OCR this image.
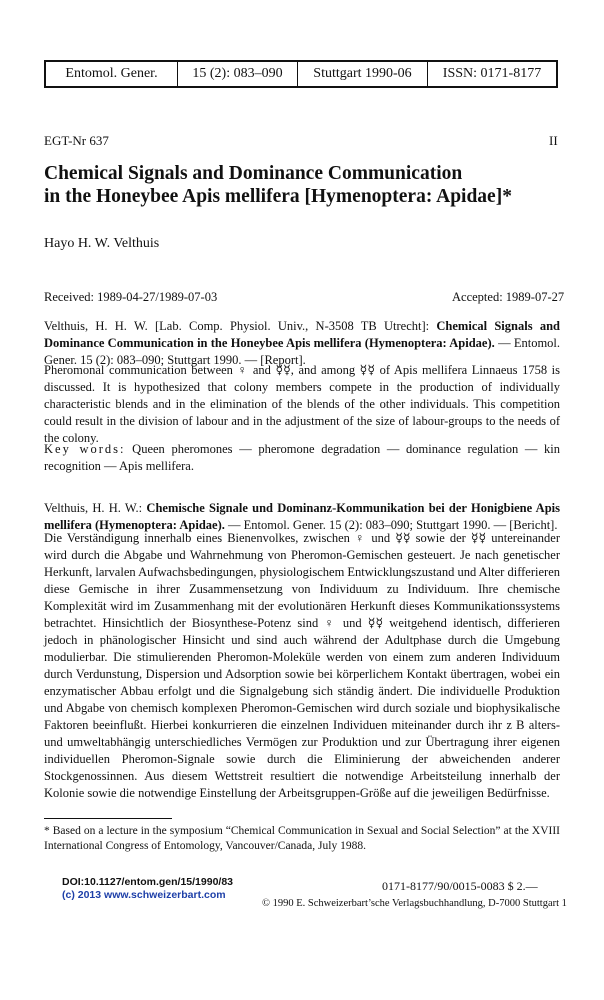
Entomol. Gener.	15 (2): 083–090	Stuttgart 1990-06	ISSN: 0171-8177
EGT-Nr 637	II
Chemical Signals and Dominance Communication
in the Honeybee Apis mellifera [Hymenoptera: Apidae]*
Hayo H. W. Velthuis
Received: 1989-04-27/1989-07-03	Accepted: 1989-07-27
Velthuis, H. H. W. [Lab. Comp. Physiol. Univ., N-3508 TB Utrecht]: Chemical Signals and Dominance Communication in the Honeybee Apis mellifera (Hymenoptera: Apidae). — Entomol. Gener. 15 (2): 083–090; Stuttgart 1990. — [Report].
Pheromonal communication between ♀ and ☿☿, and among ☿☿ of Apis mellifera Linnaeus 1758 is discussed. It is hypothesized that colony members compete in the production of individually characteristic blends and in the elimination of the blends of the other individuals. This competition could result in the division of labour and in the adjustment of the size of labour-groups to the needs of the colony.
Key words: Queen pheromones — pheromone degradation — dominance regulation — kin recognition — Apis mellifera.
Velthuis, H. H. W.: Chemische Signale und Dominanz-Kommunikation bei der Honigbiene Apis mellifera (Hymenoptera: Apidae). — Entomol. Gener. 15 (2): 083–090; Stuttgart 1990. — [Bericht].
Die Verständigung innerhalb eines Bienenvolkes, zwischen ♀ und ☿☿ sowie der ☿☿ untereinander wird durch die Abgabe und Wahrnehmung von Pheromon-Gemischen gesteuert. Je nach genetischer Herkunft, larvalen Aufwachsbedingungen, physiologischem Entwicklungszustand und Alter differieren diese Gemische in ihrer Zusammensetzung von Individuum zu Individuum. Ihre chemische Komplexität wird im Zusammenhang mit der evolutionären Herkunft dieses Kommunikationssystems betrachtet. Hinsichtlich der Biosynthese-Potenz sind ♀ und ☿☿ weitgehend identisch, differieren jedoch in phänologischer Hinsicht und sind auch während der Adultphase durch die Umgebung modulierbar. Die stimulierenden Pheromon-Moleküle werden von einem zum anderen Individuum durch Verdunstung, Dispersion und Adsorption sowie bei körperlichem Kontakt übertragen, wobei ein enzymatischer Abbau erfolgt und die Signalgebung sich ständig ändert. Die individuelle Produktion und Abgabe von chemisch komplexen Pheromon-Gemischen wird durch soziale und biophysikalische Faktoren beeinflußt. Hierbei konkurrieren die einzelnen Individuen miteinander durch ihr z B alters- und umweltabhängig unterschiedliches Vermögen zur Produktion und zur Übertragung ihrer eigenen individuellen Pheromon-Signale sowie durch die Eliminierung der abweichenden anderer Stockgenossinnen. Aus diesem Wettstreit resultiert die notwendige Arbeitsteilung innerhalb der Kolonie sowie die notwendige Einstellung der Arbeitsgruppen-Größe auf die jeweiligen Bedürfnisse.
* Based on a lecture in the symposium “Chemical Communication in Sexual and Social Selection” at the XVIII International Congress of Entomology, Vancouver/Canada, July 1988.
DOI:10.1127/entom.gen/15/1990/83
(c) 2013 www.schweizerbart.com
0171-8177/90/0015-0083 $ 2.—
© 1990 E. Schweizerbart’sche Verlagsbuchhandlung, D-7000 Stuttgart 1
